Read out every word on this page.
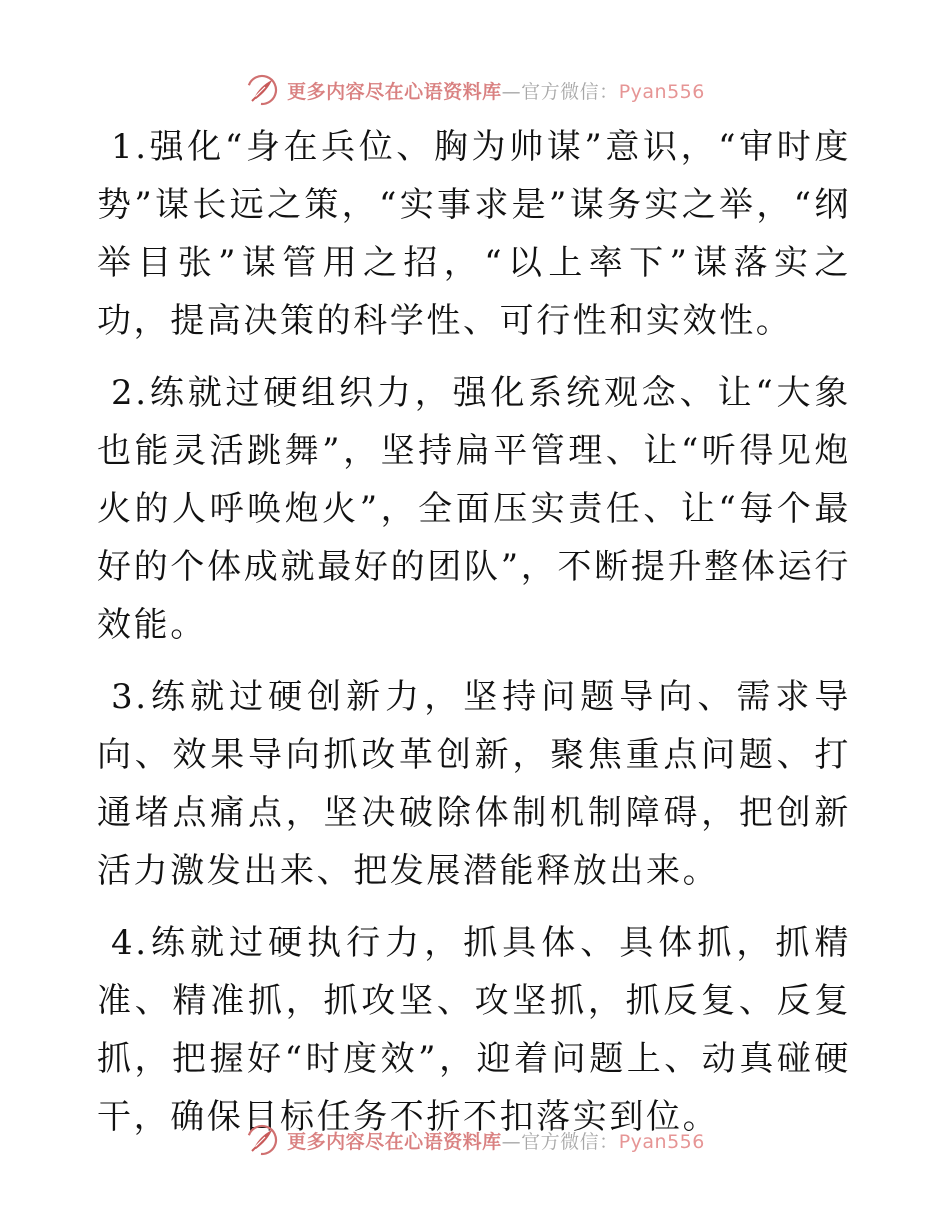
更多内容尽在心语资料库—官方微信：Pyan556

1.强化“身在兵位、胸为帅谋”意识，“审时度势”谋长远之策，“实事求是”谋务实之举，“纲举目张”谋管用之招，“以上率下”谋落实之功，提高决策的科学性、可行性和实效性。

2.练就过硬组织力，强化系统观念、让“大象也能灵活跳舞”，坚持扁平管理、让“听得见炮火的人呼唤炮火”，全面压实责任、让“每个最好的个体成就最好的团队”，不断提升整体运行效能。

3.练就过硬创新力，坚持问题导向、需求导向、效果导向抓改革创新，聚焦重点问题、打通堵点痛点，坚决破除体制机制障碍，把创新活力激发出来、把发展潜能释放出来。

4.练就过硬执行力，抓具体、具体抓，抓精准、精准抓，抓攻坚、攻坚抓，抓反复、反复抓，把握好“时度效”，迎着问题上、动真碰硬干，确保目标任务不折不扣落实到位。

更多内容尽在心语资料库—官方微信：Pyan556
